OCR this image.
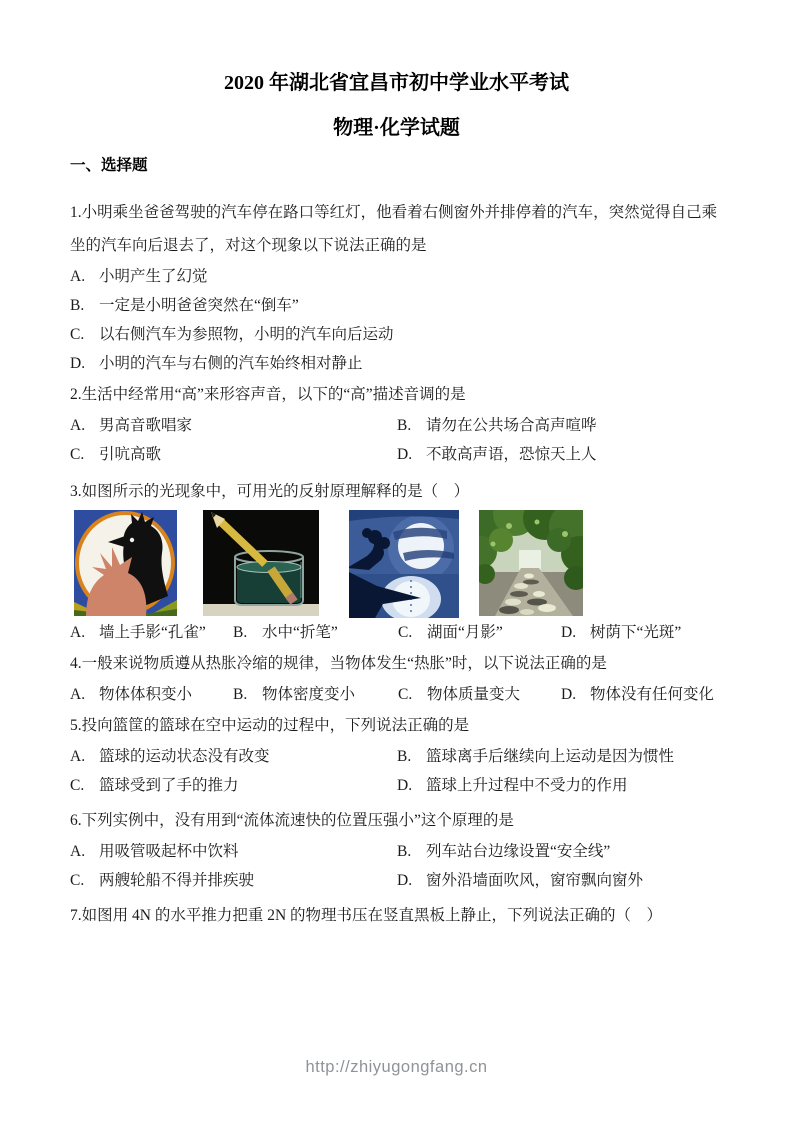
2020 年湖北省宜昌市初中学业水平考试
物理·化学试题
一、选择题
1.小明乘坐爸爸驾驶的汽车停在路口等红灯，他看着右侧窗外并排停着的汽车，突然觉得自己乘坐的汽车向后退去了，对这个现象以下说法正确的是
A. 小明产生了幻觉
B. 一定是小明爸爸突然在“倒车”
C. 以右侧汽车为参照物，小明的汽车向后运动
D. 小明的汽车与右侧的汽车始终相对静止
2.生活中经常用“高”来形容声音，以下的“高”描述音调的是
A. 男高音歌唱家	B. 请勿在公共场合高声喧哗
C. 引吭高歌	D. 不敢高声语，恐惊天上人
3.如图所示的光现象中，可用光的反射原理解释的是（　）
A. 墙上手影“孔雀”	B. 水中“折笔”	C. 湖面“月影”	D. 树荫下“光斑”
4.一般来说物质遵从热胀冷缩的规律，当物体发生“热胀”时，以下说法正确的是
A. 物体体积变小	B. 物体密度变小	C. 物体质量变大	D. 物体没有任何变化
5.投向篮筐的篮球在空中运动的过程中，下列说法正确的是
A. 篮球的运动状态没有改变	B. 篮球离手后继续向上运动是因为惯性
C. 篮球受到了手的推力	D. 篮球上升过程中不受力的作用
6.下列实例中，没有用到“流体流速快的位置压强小”这个原理的是
A. 用吸管吸起杯中饮料	B. 列车站台边缘设置“安全线”
C. 两艘轮船不得并排疾驶	D. 窗外沿墙面吹风，窗帘飘向窗外
7.如图用 4N 的水平推力把重 2N 的物理书压在竖直黑板上静止，下列说法正确的（　）
http://zhiyugongfang.cn
